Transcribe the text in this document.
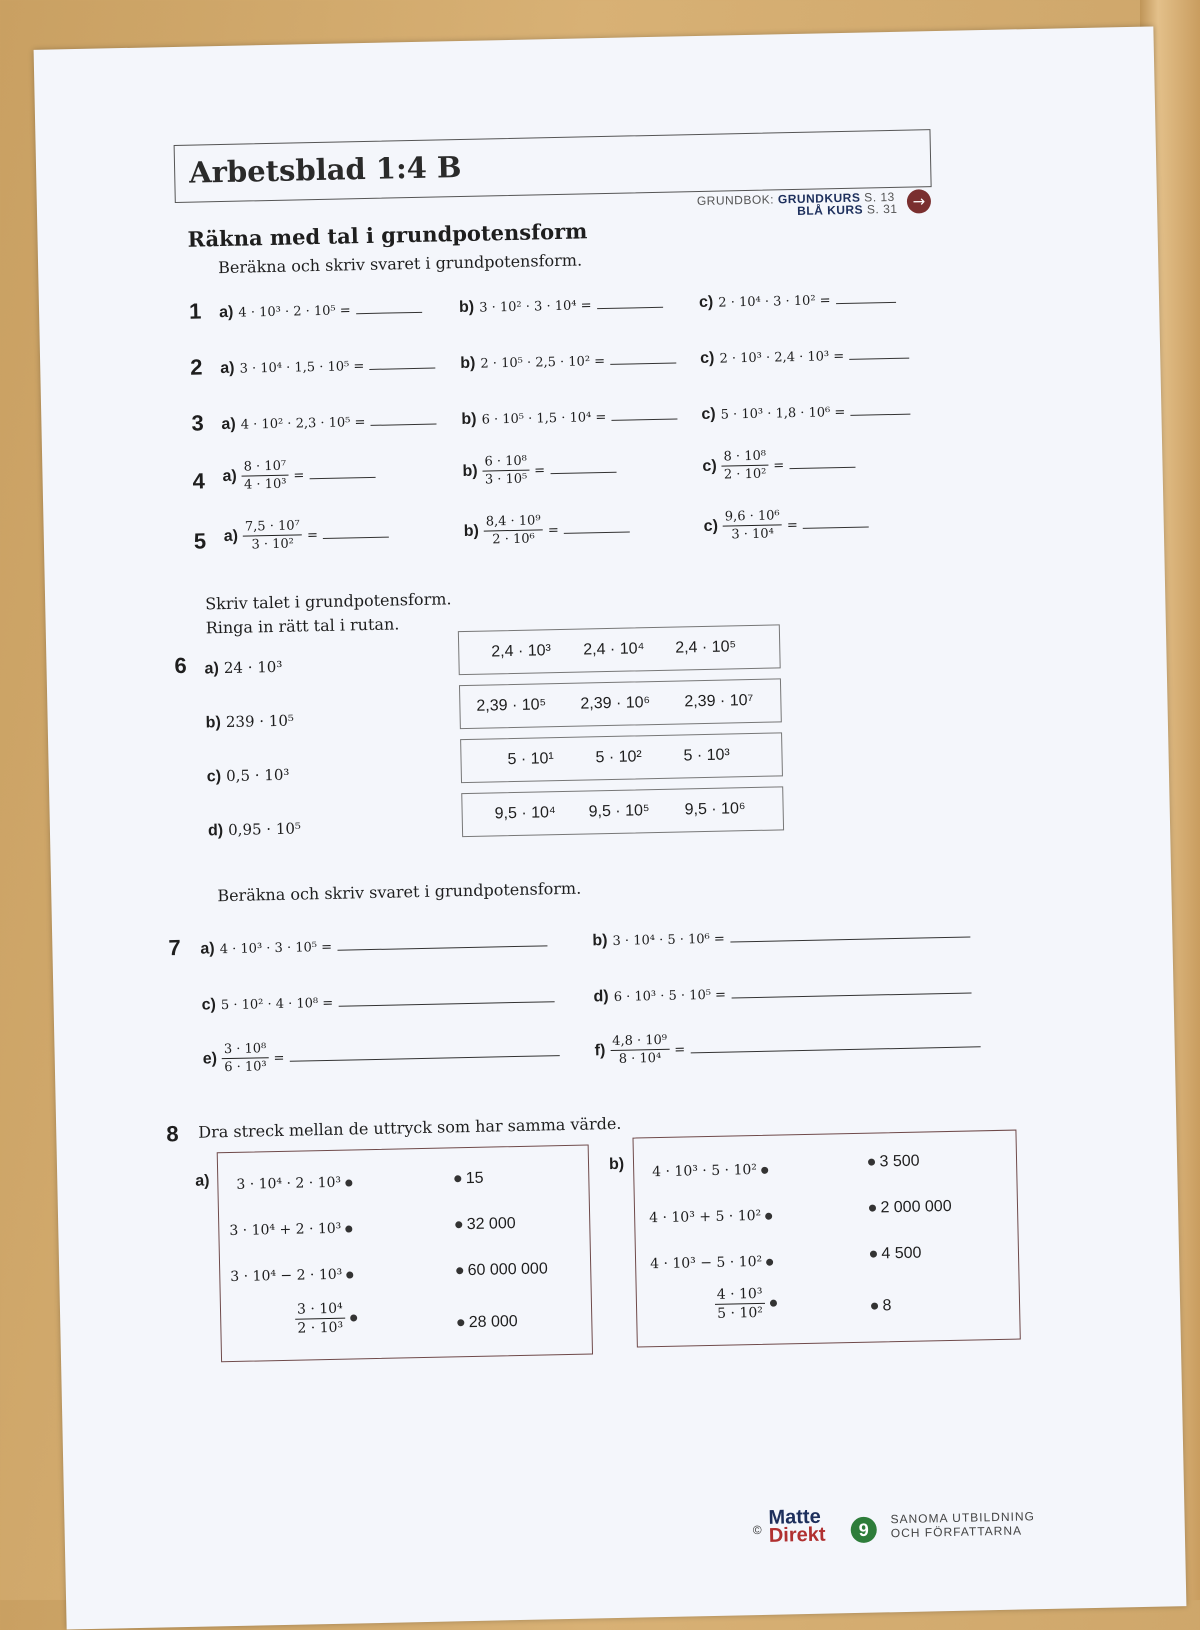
Arbetsblad 1:4 B
GRUNDBOK: GRUNDKURS S. 13
BLÅ KURS S. 31 →
Räkna med tal i grundpotensform
Beräkna och skriv svaret i grundpotensform.
1 a) 4 · 10³ · 2 · 10⁵ =	b) 3 · 10² · 3 · 10⁴ =	c) 2 · 10⁴ · 3 · 10² =
2 a) 3 · 10⁴ · 1,5 · 10⁵ =	b) 2 · 10⁵ · 2,5 · 10² =	c) 2 · 10³ · 2,4 · 10³ =
3 a) 4 · 10² · 2,3 · 10⁵ =	b) 6 · 10⁵ · 1,5 · 10⁴ =	c) 5 · 10³ · 1,8 · 10⁶ =
4 $a) \frac{\text{8 · 10⁷}}{\text{4 · 10³}}$ =	$b) \frac{\text{6 · 10⁸}}{\text{3 · 10⁵}}$ =	$c) \frac{\text{8 · 10⁸}}{\text{2 · 10²}}$ =
5 $a) \frac{\text{7,5 · 10⁷}}{\text{3 · 10²}}$ =	$b) \frac{\text{8,4 · 10⁹}}{\text{2 · 10⁶}}$ =	$c) \frac{\text{9,6 · 10⁶}}{\text{3 · 10⁴}}$ =
Skriv talet i grundpotensform.
Ringa in rätt tal i rutan.
6 a) 24 · 10³
2,4 · 10³ 2,4 · 10⁴ 2,4 · 10⁵
b) 239 · 10⁵
2,39 · 10⁵ 2,39 · 10⁶ 2,39 · 10⁷
c) 0,5 · 10³
5 · 10¹	5 · 10²	5 · 10³
d) 0,95 · 10⁵
9,5 · 10⁴ 9,5 · 10⁵ 9,5 · 10⁶
Beräkna och skriv svaret i grundpotensform.
7 a) 4 · 10³ · 3 · 10⁵ =	b) 3 · 10⁴ · 5 · 10⁶ =
c) 5 · 10² · 4 · 10⁸ =	d) 6 · 10³ · 5 · 10⁵ =
$e) \frac{\text{3 · 10⁸}}{\text{6 · 10³}}$ =	$f) \frac{\text{4,8 · 10⁹}}{\text{8 · 10⁴}}$ =
8 Dra streck mellan de uttryck som har samma värde.
a) 3 · 10⁴ · 2 · 10³
3 · 10⁴ + 2 · 10³
3 · 10⁴ − 2 · 10³
$\frac{\text{3 · 10⁴}}{\text{2 · 10³}}$

15
32 000
60 000 000
28 000
b) 4 · 10³ · 5 · 10²
4 · 10³ + 5 · 10²
4 · 10³ − 5 · 10²
$\frac{\text{4 · 10³}}{\text{5 · 10²}}$

3 500
2 000 000
4 500
8
©
Matte
Direkt	9
SANOMA UTBILDNING
OCH FÖRFATTARNA
